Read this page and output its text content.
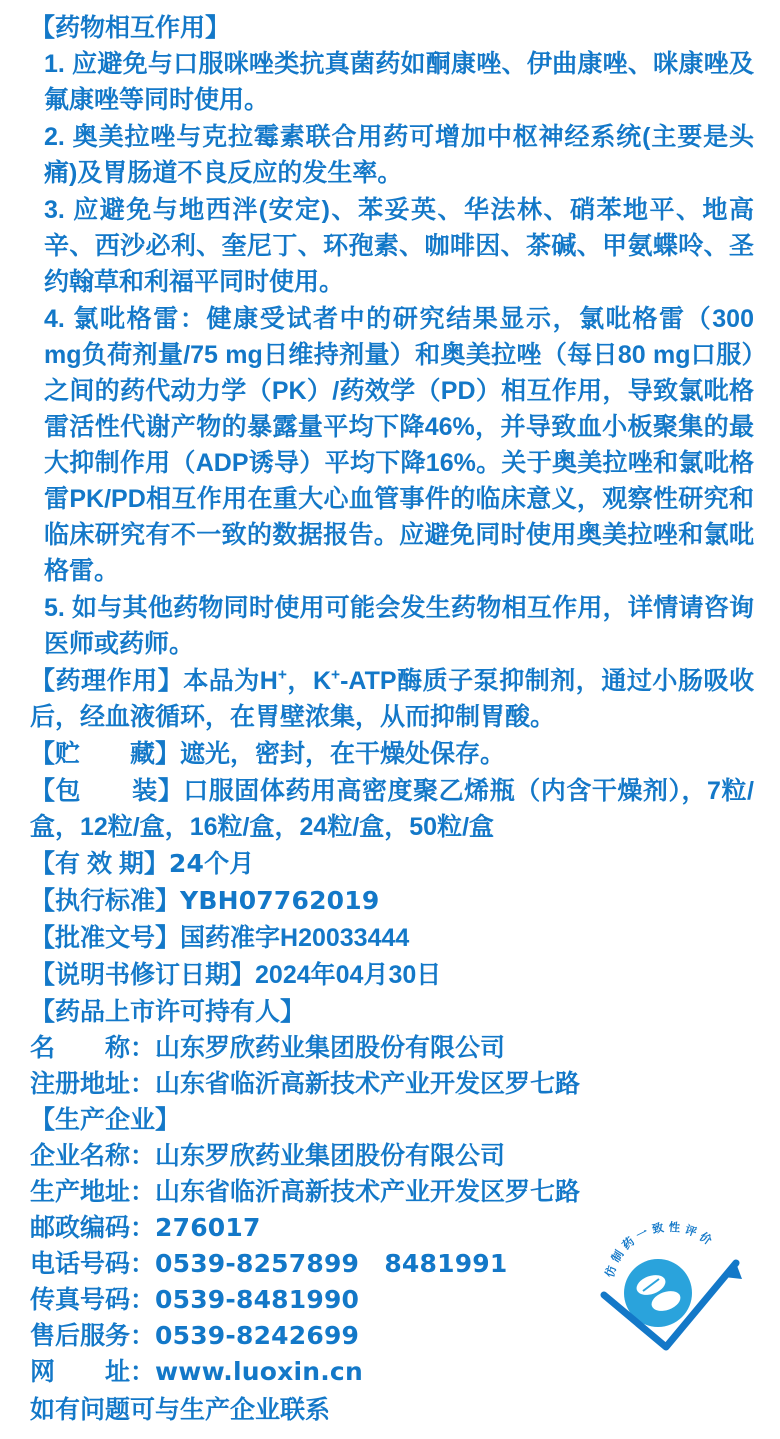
【药物相互作用】
1. 应避免与口服咪唑类抗真菌药如酮康唑、伊曲康唑、咪康唑及氟康唑等同时使用。
2. 奥美拉唑与克拉霉素联合用药可增加中枢神经系统(主要是头痛)及胃肠道不良反应的发生率。
3. 应避免与地西泮(安定)、苯妥英、华法林、硝苯地平、地高辛、西沙必利、奎尼丁、环孢素、咖啡因、茶碱、甲氨蝶呤、圣约翰草和利福平同时使用。
4. 氯吡格雷：健康受试者中的研究结果显示，氯吡格雷（300 mg负荷剂量/75 mg日维持剂量）和奥美拉唑（每日80 mg口服）之间的药代动力学（PK）/药效学（PD）相互作用，导致氯吡格雷活性代谢产物的暴露量平均下降46%，并导致血小板聚集的最大抑制作用（ADP诱导）平均下降16%。关于奥美拉唑和氯吡格雷PK/PD相互作用在重大心血管事件的临床意义，观察性研究和临床研究有不一致的数据报告。应避免同时使用奥美拉唑和氯吡格雷。
5. 如与其他药物同时使用可能会发生药物相互作用，详情请咨询医师或药师。
【药理作用】本品为H+，K+-ATP酶质子泵抑制剂，通过小肠吸收后，经血液循环，在胃壁浓集，从而抑制胃酸。
【贮　　藏】遮光，密封，在干燥处保存。
【包　　装】口服固体药用高密度聚乙烯瓶（内含干燥剂），7粒/盒，12粒/盒，16粒/盒，24粒/盒，50粒/盒
【有 效 期】24个月
【执行标准】YBH07762019
【批准文号】国药准字H20033444
【说明书修订日期】2024年04月30日
【药品上市许可持有人】
名　　称：山东罗欣药业集团股份有限公司
注册地址：山东省临沂高新技术产业开发区罗七路
【生产企业】
企业名称：山东罗欣药业集团股份有限公司
生产地址：山东省临沂高新技术产业开发区罗七路
邮政编码：276017
电话号码：0539-8257899　8481991
传真号码：0539-8481990
售后服务：0539-8242699
网　　址：www.luoxin.cn
如有问题可与生产企业联系
仿 制 药 一 致 性 评 价
